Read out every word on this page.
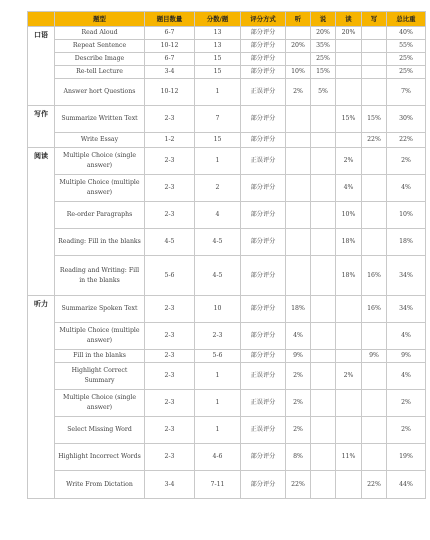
	题型	题目数量	分数/题	评分方式	听	说	读	写	总比重
口语	Read Aloud	6-7	13	部分评分		20%	20%		40%
	Repeat Sentence	10-12	13	部分评分	20%	35%			55%
	Describe Image	6-7	15	部分评分		25%			25%
	Re-tell Lecture	3-4	15	部分评分	10%	15%			25%
	Answer hort Questions	10-12	1	正误评分	2%	5%			7%
写作	Summarize Written Text	2-3	7	部分评分			15%	15%	30%
	Write Essay	1-2	15	部分评分				22%	22%
阅读	Multiple Choice (single answer)	2-3	1	正误评分			2%		2%
	Multiple Choice (multiple answer)	2-3	2	部分评分			4%		4%
	Re-order Paragraphs	2-3	4	部分评分			10%		10%
	Reading: Fill in the blanks	4-5	4-5	部分评分			18%		18%
	Reading and Writing: Fill in the blanks	5-6	4-5	部分评分			18%	16%	34%
听力	Summarize Spoken Text	2-3	10	部分评分	18%			16%	34%
	Multiple Choice (multiple answer)	2-3	2-3	部分评分	4%				4%
	Fill in the blanks	2-3	5-6	部分评分	9%			9%	9%
	Highlight Correct Summary	2-3	1	正误评分	2%		2%		4%
	Multiple Choice (single answer)	2-3	1	正误评分	2%				2%
	Select Missing Word	2-3	1	正误评分	2%				2%
	Highlight Incorrect Words	2-3	4-6	部分评分	8%		11%		19%
	Write From Dictation	3-4	7-11	部分评分	22%			22%	44%
